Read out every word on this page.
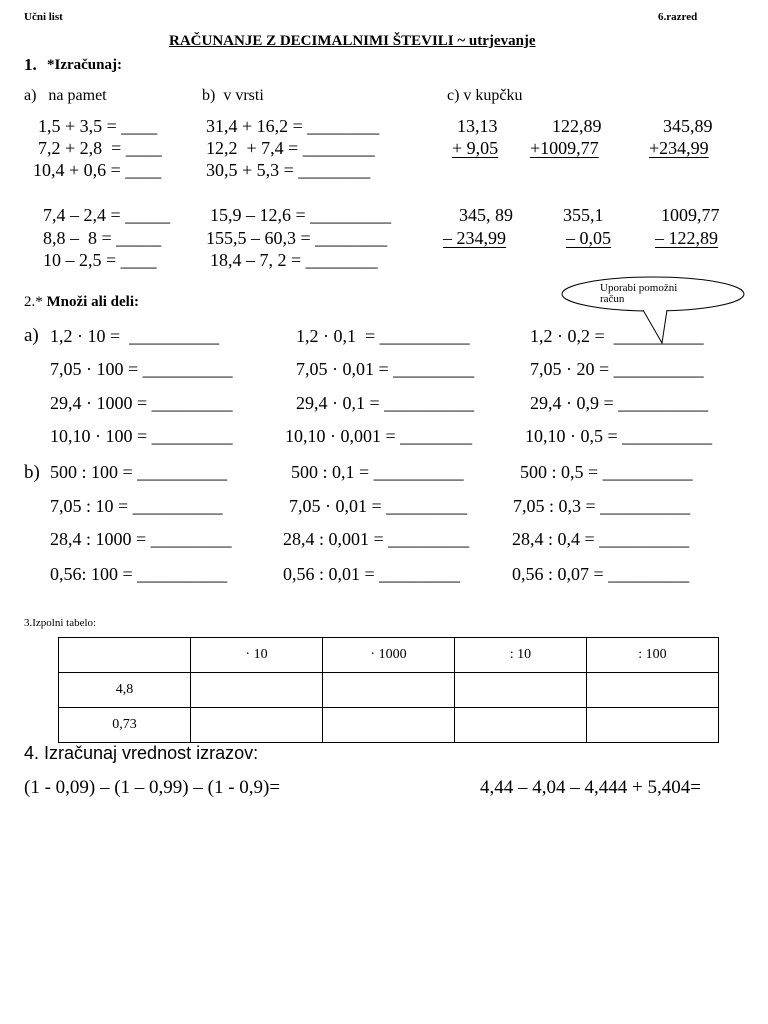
Učni list	6.razred
RAČUNANJE Z DECIMALNIMI ŠTEVILI ~ utrjevanje
1. *Izračunaj:
a)   na pamet	b)  v vrsti	c) v kupčku
1,5 + 3,5 = ____
7,2 + 2,8  = ____
10,4 + 0,6 = ____
7,4 – 2,4 = _____
8,8 –  8 = _____
10 – 2,5 = ____
31,4 + 16,2 = ________
12,2  + 7,4 = ________
30,5 + 5,3 = ________
15,9 – 12,6 = _________
155,5 – 60,3 = ________
18,4 – 7, 2 = ________
13,13	122,89	345,89
+ 9,05 +1009,77	+234,99
345, 89	355,1	1009,77
– 234,99	– 0,05 – 122,89
2.* Množi ali deli:
Uporabi pomožni račun
a) 1,2 · 10 =  __________	1,2 · 0,1  = __________	1,2 · 0,2 =  __________
7,05 · 100 = __________	7,05 · 0,01 = _________	7,05 · 20 = __________
29,4 · 1000 = _________	29,4 · 0,1 = __________	29,4 · 0,9 = __________
10,10 · 100 = _________	10,10 · 0,001 = ________	10,10 · 0,5 = __________
b) 500 : 100 = __________	500 : 0,1 = __________	500 : 0,5 = __________
7,05 : 10 = __________	7,05 · 0,01 = _________	7,05 : 0,3 = __________
28,4 : 1000 = _________	28,4 : 0,001 = _________ 28,4 : 0,4 = __________
0,56: 100 = __________	0,56 : 0,01 = _________	0,56 : 0,07 = _________
3.Izpolni tabelo:
	· 10	· 1000	: 10	: 100
4,8				
0,73				
4. Izračunaj vrednost izrazov:
(1 - 0,09) – (1 – 0,99) – (1 - 0,9)=	4,44 – 4,04 – 4,444 + 5,404=
